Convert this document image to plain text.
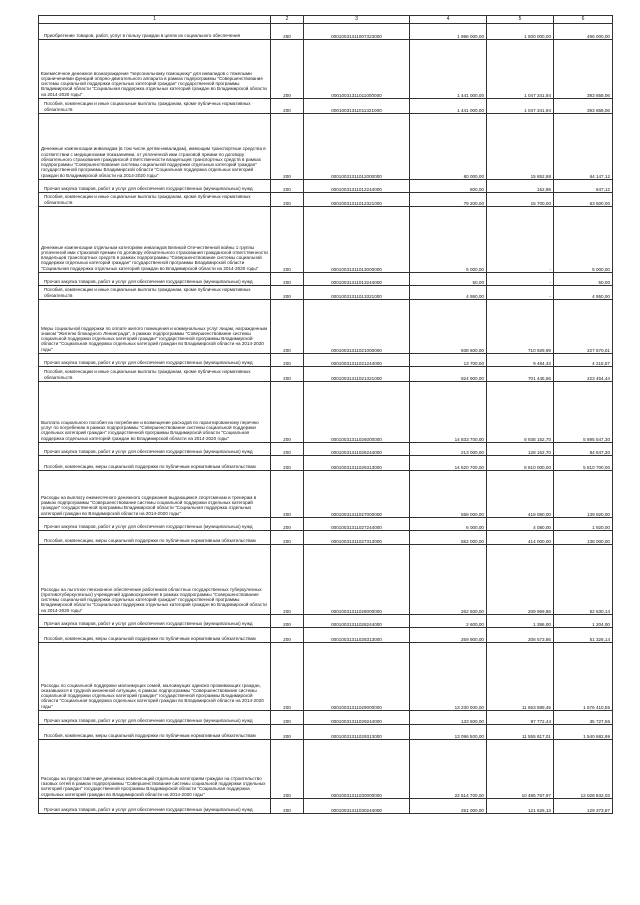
1	2	3	4	5	6
Приобретение товаров, работ, услуг в пользу граждан в целях их социального обеспечения	250	00010031311007323000	1 996 000,00	1 500 000,00	496 000,00
Ежемесячное денежное вознаграждение "персональному помощнику" для инвалидов с тяжелыми ограничениями функций опорно-двигательного аппарата в рамках подпрограммы "Совершенствование системы социальной поддержки отдельных категорий граждан" государственной программы Владимирской области "Социальная поддержка отдельных категорий граждан во Владимирской области на 2014-2020 годы"	200	00010031311011000000	1 441 000,00	1 047 341,94	393 658,06
Пособия, компенсации и иные социальные выплаты гражданам, кроме публичных нормативных обязательств	200	00010031311011321000	1 441 000,00	1 047 341,94	393 658,06
Денежные компенсации инвалидам (в том числе детям-инвалидам), имеющим транспортные средства в соответствии с медицинскими показаниями, от уплаченной ими страховой премии по договору обязательного страхования гражданской ответственности владельцев транспортных средств в рамках подпрограммы "Совершенствование системы социальной поддержки отдельных категорий граждан" государственной программы Владимирской области "Социальная поддержка отдельных категорий граждан во Владимирской области на 2014-2020 годы"	200	00010031311012000000	80 000,00	15 852,88	64 147,12
Прочая закупка товаров, работ и услуг для обеспечения государственных (муниципальных) нужд	200	00010031311012244000	800,00	152,88	647,12
Пособия, компенсации и иные социальные выплаты гражданам, кроме публичных нормативных обязательств	200	00010031311012321000	79 200,00	15 700,00	63 500,00
Денежные компенсации отдельным категориям инвалидов Великой Отечественной войны 1 группы уплаченной ими страховой премии по договору обязательного страхования гражданской ответственности владельцев транспортных средств в рамках подпрограммы "Совершенствование системы социальной поддержки отдельных категорий граждан" государственной программы Владимирской области "Социальная поддержка отдельных категорий граждан во Владимирской области на 2014-2020 годы"	200	00010031311013000000	5 000,00	-	5 000,00
Прочая закупка товаров, работ и услуг для обеспечения государственных (муниципальных) нужд	200	00010031311013244000	50,00	-	50,00
Пособия, компенсации и иные социальные выплаты гражданам, кроме публичных нормативных обязательств	200	00010031311013321000	4 950,00	-	4 950,00
Меры социальной поддержки по оплате жилого помещения и коммунальных услуг лицам, награжденным знаком "Жителю блокадного Ленинграда", в рамках подпрограммы "Совершенствование системы социальной поддержки отдельных категорий граждан" государственной программы Владимирской области "Социальная поддержка отдельных категорий граждан во Владимирской области на 2014-2020 годы"	200	00010031311021000000	938 600,00	710 929,99	227 670,01
Прочая закупка товаров, работ и услуг для обеспечения государственных (муниципальных) нужд	200	00010031311021244000	13 700,00	9 484,43	4 215,57
Пособия, компенсации и иные социальные выплаты гражданам, кроме публичных нормативных обязательств	200	00010031311021321000	924 900,00	701 445,56	223 454,44
Выплата социального пособия на погребение и возмещение расходов по гарантированному перечню услуг по погребению в рамках подпрограммы "Совершенствование системы социальной поддержки отдельных категорий граждан" государственной программы Владимирской области "Социальная поддержка отдельных категорий граждан во Владимирской области на 2014-2020 годы"	200	00010031311026000000	14 833 700,00	8 938 152,70	5 895 547,30
Прочая закупка товаров, работ и услуг для обеспечения государственных (муниципальных) нужд	200	00010031311026244000	213 000,00	128 152,70	84 847,30
Пособия, компенсации, меры социальной поддержки по публичным нормативным обязательствам	200	00010031311026313000	14 620 700,00	8 810 000,00	5 810 700,00
Расходы на выплату ежемесячного денежного содержания выдающимся спортсменам и тренерам в рамках подпрограммы "Совершенствование системы социальной поддержки отдельных категорий граждан" государственной программы Владимирской области "Социальная поддержка отдельных категорий граждан во Владимирской области на 2014-2020 годы"	200	00010031311027000000	558 000,00	418 080,00	139 920,00
Прочая закупка товаров, работ и услуг для обеспечения государственных (муниципальных) нужд	200	00010031311027244000	6 000,00	4 080,00	1 920,00
Пособия, компенсации, меры социальной поддержки по публичным нормативным обязательствам	200	00010031311027313000	552 000,00	414 000,00	138 000,00
Расходы на льготное пенсионное обеспечение работников областных государственных туберкулезных (противотуберкулезных) учреждений здравоохранения в рамках подпрограммы "Совершенствование системы социальной поддержки отдельных категорий граждан" государственной программы Владимирской области "Социальная поддержка отдельных категорий граждан во Владимирской области на 2014-2020 годы"	200	00010031311028000000	262 500,00	209 969,86	52 530,14
Прочая закупка товаров, работ и услуг для обеспечения государственных (муниципальных) нужд	200	00010031311028244000	2 600,00	1 396,00	1 204,00
Пособия, компенсации, меры социальной поддержки по публичным нормативным обязательствам	200	00010031311028313000	259 900,00	208 573,86	51 326,14
Расходы по социальной поддержке малоимущих семей, малоимущих одиноко проживающих граждан, оказавшихся в трудной жизненной ситуации, в рамках подпрограммы "Совершенствование системы социальной поддержки отдельных категорий граждан" государственной программы Владимирской области "Социальная поддержка отдельных категорий граждан во Владимирской области на 2014-2020 годы"	200	00010031311029000000	13 230 000,00	11 653 589,45	1 576 410,55
Прочая закупка товаров, работ и услуг для обеспечения государственных (муниципальных) нужд	200	00010031311029244000	133 500,00	97 772,44	35 727,56
Пособия, компенсации, меры социальной поддержки по публичным нормативным обязательствам	200	00010031311029313000	13 096 500,00	11 555 817,01	1 540 682,99
Расходы на предоставление денежных компенсаций отдельным категориям граждан на строительство газовых сетей в рамках подпрограммы "Совершенствование системы социальной поддержки отдельных категорий граждан" государственной программы Владимирской области "Социальная поддержка отдельных категорий граждан во Владимирской области на 2014-2020 годы"	200	00010031311030000000	22 514 700,00	10 485 767,97	12 028 932,03
Прочая закупка товаров, работ и услуг для обеспечения государственных (муниципальных) нужд	200	00010031311030244000	251 000,00	121 626,13	129 373,87
